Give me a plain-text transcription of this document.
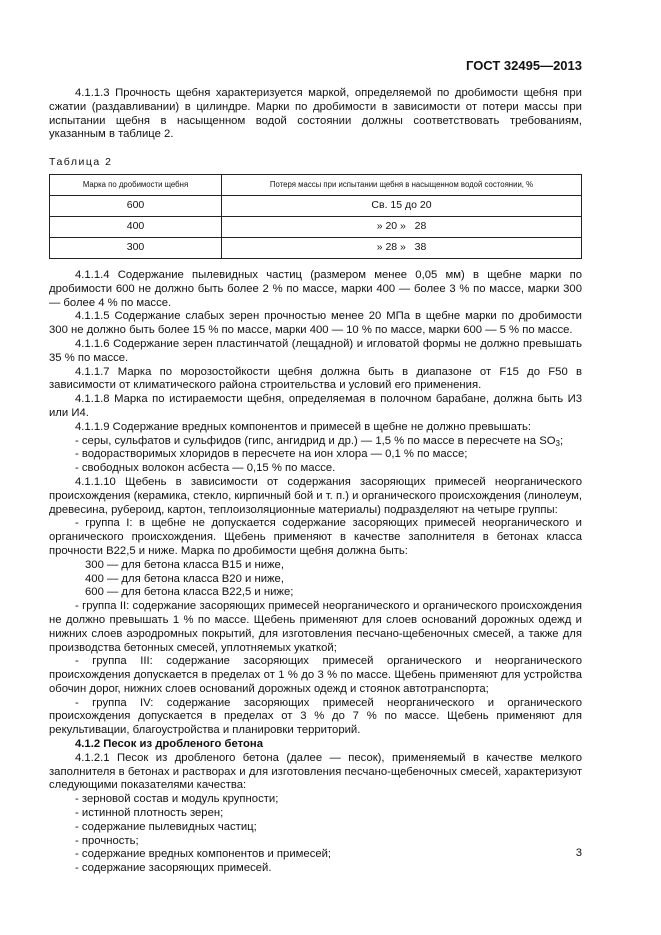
ГОСТ 32495—2013

4.1.1.3 Прочность щебня характеризуется маркой, определяемой по дробимости щебня при сжатии (раздавливании) в цилиндре. Марки по дробимости в зависимости от потери массы при испытании щебня в насыщенном водой состоянии должны соответствовать требованиям, указанным в таблице 2.

Таблица 2
Марка по дробимости щебня	Потеря массы при испытании щебня в насыщенном водой состоянии, %
600	Св. 15 до 20
400	» 20 »   28
300	» 28 »   38

4.1.1.4 Содержание пылевидных частиц (размером менее 0,05 мм) в щебне марки по дробимости 600 не должно быть более 2 % по массе, марки 400 — более 3 % по массе, марки 300 — более 4 % по массе.

4.1.1.5 Содержание слабых зерен прочностью менее 20 МПа в щебне марки по дробимости 300 не должно быть более 15 % по массе, марки 400 — 10 % по массе, марки 600 — 5 % по массе.

4.1.1.6 Содержание зерен пластинчатой (лещадной) и игловатой формы не должно превышать 35 % по массе.

4.1.1.7 Марка по морозостойкости щебня должна быть в диапазоне от F15 до F50 в зависимости от климатического района строительства и условий его применения.

4.1.1.8 Марка по истираемости щебня, определяемая в полочном барабане, должна быть И3 или И4.

4.1.1.9 Содержание вредных компонентов и примесей в щебне не должно превышать:

- серы, сульфатов и сульфидов (гипс, ангидрид и др.) — 1,5 % по массе в пересчете на $SO_3$;

- водорастворимых хлоридов в пересчете на ион хлора — 0,1 % по массе;

- свободных волокон асбеста — 0,15 % по массе.

4.1.1.10 Щебень в зависимости от содержания засоряющих примесей неорганического происхождения (керамика, стекло, кирпичный бой и т. п.) и органического происхождения (линолеум, древесина, рубероид, картон, теплоизоляционные материалы) подразделяют на четыре группы:

- группа I: в щебне не допускается содержание засоряющих примесей неорганического и органического происхождения. Щебень применяют в качестве заполнителя в бетонах класса прочности В22,5 и ниже. Марка по дробимости щебня должна быть:

300 — для бетона класса В15 и ниже,

400 — для бетона класса В20 и ниже,

600 — для бетона класса В22,5 и ниже;

- группа II: содержание засоряющих примесей неорганического и органического происхождения не должно превышать 1 % по массе. Щебень применяют для слоев оснований дорожных одежд и нижних слоев аэродромных покрытий, для изготовления песчано-щебеночных смесей, а также для производства бетонных смесей, уплотняемых укаткой;

- группа III: содержание засоряющих примесей органического и неорганического происхождения допускается в пределах от 1 % до 3 % по массе. Щебень применяют для устройства обочин дорог, нижних слоев оснований дорожных одежд и стоянок автотранспорта;

- группа IV: содержание засоряющих примесей неорганического и органического происхождения допускается в пределах от 3 % до 7 % по массе. Щебень применяют для рекультивации, благоустройства и планировки территорий.

4.1.2 Песок из дробленого бетона

4.1.2.1 Песок из дробленого бетона (далее — песок), применяемый в качестве мелкого заполнителя в бетонах и растворах и для изготовления песчано-щебеночных смесей, характеризуют следующими показателями качества:

- зерновой состав и модуль крупности;

- истинной плотность зерен;

- содержание пылевидных частиц;

- прочность;

- содержание вредных компонентов и примесей;

- содержание засоряющих примесей.

3
